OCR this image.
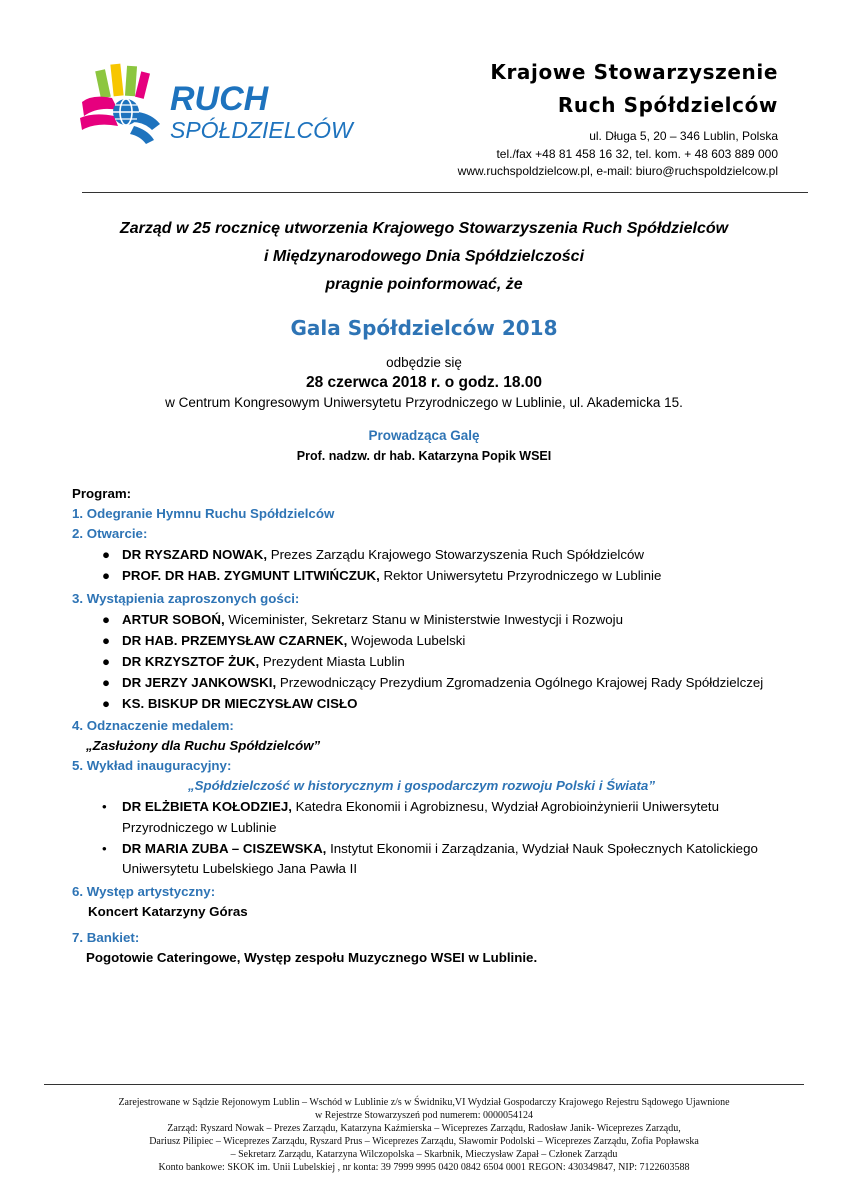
RUCH
SPÓŁDZIELCÓW
Krajowe Stowarzyszenie
Ruch Spółdzielców
ul. Długa 5, 20 – 346 Lublin, Polska
tel./fax +48 81 458 16 32, tel. kom. + 48 603 889 000
www.ruchspoldzielcow.pl, e-mail: biuro@ruchspoldzielcow.pl
Zarząd w 25 rocznicę utworzenia Krajowego Stowarzyszenia Ruch Spółdzielców
i Międzynarodowego Dnia Spółdzielczości
pragnie poinformować, że
Gala Spółdzielców 2018
odbędzie się
28 czerwca 2018 r. o godz. 18.00
w Centrum Kongresowym Uniwersytetu Przyrodniczego w Lublinie, ul. Akademicka 15.
Prowadząca Galę
Prof. nadzw. dr hab. Katarzyna Popik WSEI
Program:
1. Odegranie Hymnu Ruchu Spółdzielców
2. Otwarcie:
● DR RYSZARD NOWAK, Prezes Zarządu Krajowego Stowarzyszenia Ruch Spółdzielców
● PROF. DR HAB. ZYGMUNT LITWIŃCZUK, Rektor Uniwersytetu Przyrodniczego w Lublinie
3. Wystąpienia zaproszonych gości:
● ARTUR SOBOŃ, Wiceminister, Sekretarz Stanu w Ministerstwie Inwestycji i Rozwoju
● DR HAB. PRZEMYSŁAW CZARNEK, Wojewoda Lubelski
● DR KRZYSZTOF ŻUK, Prezydent Miasta Lublin
● DR JERZY JANKOWSKI, Przewodniczący Prezydium Zgromadzenia Ogólnego Krajowej Rady Spółdzielczej
● KS. BISKUP DR MIECZYSŁAW CISŁO
4. Odznaczenie medalem:
„Zasłużony dla Ruchu Spółdzielców”
5. Wykład inauguracyjny:
„Spółdzielczość w historycznym i gospodarczym rozwoju Polski i Świata”
• DR ELŻBIETA KOŁODZIEJ, Katedra Ekonomii i Agrobiznesu, Wydział Agrobioinżynierii Uniwersytetu Przyrodniczego w Lublinie
• DR MARIA ZUBA – CISZEWSKA, Instytut Ekonomii i Zarządzania, Wydział Nauk Społecznych Katolickiego Uniwersytetu Lubelskiego Jana Pawła II
6. Występ artystyczny:
Koncert Katarzyny Góras
7. Bankiet:
Pogotowie Cateringowe, Występ zespołu Muzycznego WSEI w Lublinie.
Zarejestrowane w Sądzie Rejonowym Lublin – Wschód w Lublinie z/s w Świdniku,VI Wydział Gospodarczy Krajowego Rejestru Sądowego Ujawnione
w Rejestrze Stowarzyszeń pod numerem: 0000054124
Zarząd: Ryszard Nowak – Prezes Zarządu, Katarzyna Kaźmierska – Wiceprezes Zarządu, Radosław Janik- Wiceprezes Zarządu,
Dariusz Pilipiec – Wiceprezes Zarządu, Ryszard Prus – Wiceprezes Zarządu, Sławomir Podolski – Wiceprezes Zarządu, Zofia Popławska
– Sekretarz Zarządu, Katarzyna Wilczopolska – Skarbnik, Mieczysław Zapał – Członek Zarządu
Konto bankowe: SKOK im. Unii Lubelskiej , nr konta: 39 7999 9995 0420 0842 6504 0001 REGON: 430349847, NIP: 7122603588
